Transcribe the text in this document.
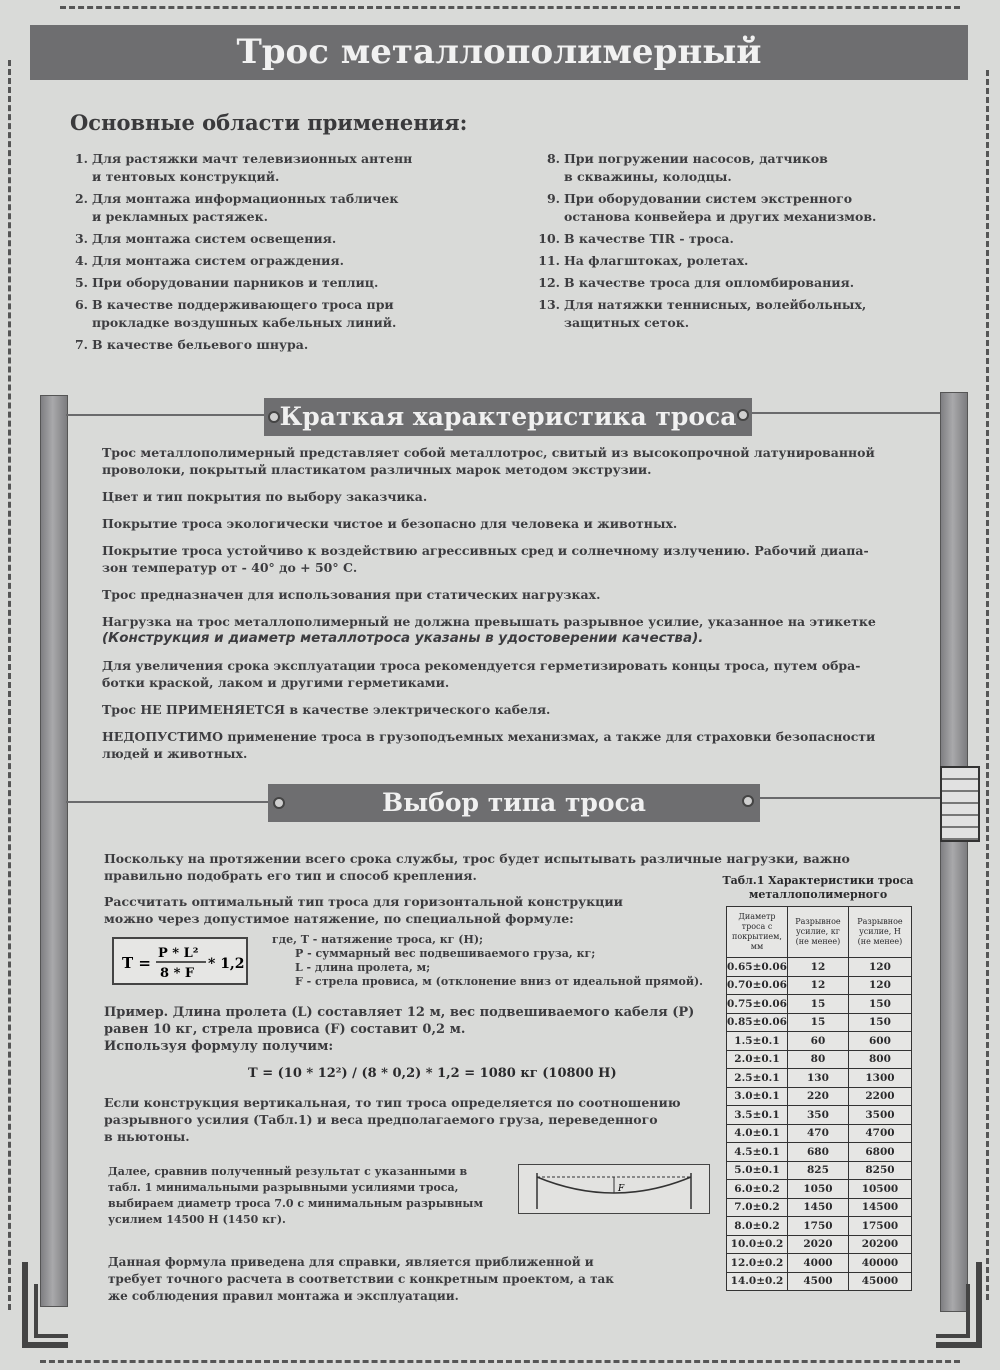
Трос металлополимерный
Основные области применения:
1. Для растяжки мачт телевизионных антенн
и тентовых конструкций.
2. Для монтажа информационных табличек
и рекламных растяжек.
3. Для монтажа систем освещения.
4. Для монтажа систем ограждения.
5. При оборудовании парников и теплиц.
6. В качестве поддерживающего троса при
прокладке воздушных кабельных линий.
7. В качестве бельевого шнура.
8. При погружении насосов, датчиков
в скважины, колодцы.
9. При оборудовании систем экстренного
останова конвейера и других механизмов.
10. В качестве TIR - троса.
11. На флагштоках, ролетах.
12. В качестве троса для опломбирования.
13. Для натяжки теннисных, волейбольных,
защитных сеток.
Краткая характеристика троса

Трос металлополимерный представляет собой металлотрос, свитый из высокопрочной латунированной
проволоки, покрытый пластикатом различных марок методом экструзии.

Цвет и тип покрытия по выбору заказчика.

Покрытие троса экологически чистое и безопасно для человека и животных.

Покрытие троса устойчиво к воздействию агрессивных сред и солнечному излучению. Рабочий диапа-
зон температур от - 40° до + 50° С.

Трос предназначен для использования при статических нагрузках.

Нагрузка на трос металлополимерный не должна превышать разрывное усилие, указанное на этикетке

(Конструкция и диаметр металлотроса указаны в удостоверении качества).

Для увеличения срока эксплуатации троса рекомендуется герметизировать концы троса, путем обра-
ботки краской, лаком и другими герметиками.

Трос НЕ ПРИМЕНЯЕТСЯ в качестве электрического кабеля.

НЕДОПУСТИМО применение троса в грузоподъемных механизмах, а также для страховки безопасности
людей и животных.

Выбор типа троса

Поскольку на протяжении всего срока службы, трос будет испытывать различные нагрузки, важно
правильно подобрать его тип и способ крепления.

Рассчитать оптимальный тип троса для горизонтальной конструкции
можно через допустимое натяжение, по специальной формуле:

T =
P * L²
8 * F
* 1,2
где, T - натяжение троса, кг (H);
P - суммарный вес подвешиваемого груза, кг;
L - длина пролета, м;
F - стрела провиса, м (отклонение вниз от идеальной прямой).

Пример. Длина пролета (L) составляет 12 м, вес подвешиваемого кабеля (P)
равен 10 кг, стрела провиса (F) составит 0,2 м.
Используя формулу получим:

T = (10 * 12²) / (8 * 0,2) * 1,2 = 1080 кг (10800 H)

Если конструкция вертикальная, то тип троса определяется по соотношению
разрывного усилия (Табл.1) и веса предполагаемого груза, переведенного
в ньютоны.

Далее, сравнив полученный результат с указанными в
табл. 1 минимальными разрывными усилиями троса,
выбираем диаметр троса 7.0 с минимальным разрывным
усилием 14500 Н (1450 кг).

F

Данная формула приведена для справки, является приближенной и
требует точного расчета в соответствии с конкретным проектом, а так
же соблюдения правил монтажа и эксплуатации.

Табл.1 Характеристики троса металлополимерного
Диаметр
троса с
покрытием,
мм	Разрывное
усилие, кг
(не менее)	Разрывное
усилие, Н
(не менее)
0.65±0.06	12	120
0.70±0.06	12	120
0.75±0.06	15	150
0.85±0.06	15	150
1.5±0.1	60	600
2.0±0.1	80	800
2.5±0.1	130	1300
3.0±0.1	220	2200
3.5±0.1	350	3500
4.0±0.1	470	4700
4.5±0.1	680	6800
5.0±0.1	825	8250
6.0±0.2	1050	10500
7.0±0.2	1450	14500
8.0±0.2	1750	17500
10.0±0.2	2020	20200
12.0±0.2	4000	40000
14.0±0.2	4500	45000
